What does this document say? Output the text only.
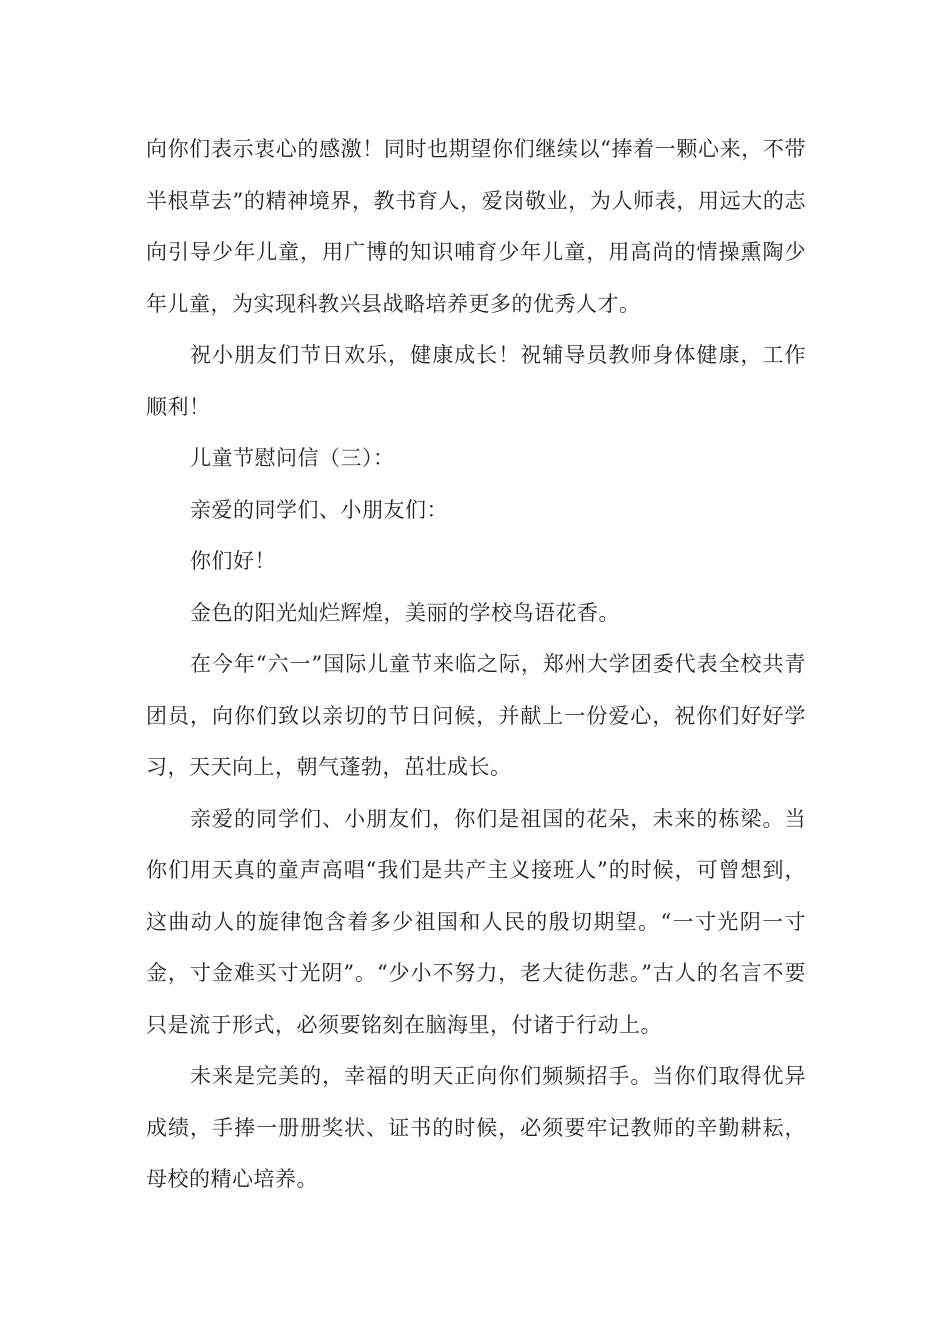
向你们表示衷心的感激！同时也期望你们继续以“捧着一颗心来，不带半根草去”的精神境界，教书育人，爱岗敬业，为人师表，用远大的志向引导少年儿童，用广博的知识哺育少年儿童，用高尚的情操熏陶少年儿童，为实现科教兴县战略培养更多的优秀人才。

祝小朋友们节日欢乐，健康成长！祝辅导员教师身体健康，工作顺利！

儿童节慰问信（三）：

亲爱的同学们、小朋友们：

你们好！

金色的阳光灿烂辉煌，美丽的学校鸟语花香。

在今年“六一”国际儿童节来临之际，郑州大学团委代表全校共青团员，向你们致以亲切的节日问候，并献上一份爱心，祝你们好好学习，天天向上，朝气蓬勃，茁壮成长。

亲爱的同学们、小朋友们，你们是祖国的花朵，未来的栋梁。当你们用天真的童声高唱“我们是共产主义接班人”的时候，可曾想到，这曲动人的旋律饱含着多少祖国和人民的殷切期望。“一寸光阴一寸金，寸金难买寸光阴”。“少小不努力，老大徒伤悲。”古人的名言不要只是流于形式，必须要铭刻在脑海里，付诸于行动上。

未来是完美的，幸福的明天正向你们频频招手。当你们取得优异成绩，手捧一册册奖状、证书的时候，必须要牢记教师的辛勤耕耘，母校的精心培养。
